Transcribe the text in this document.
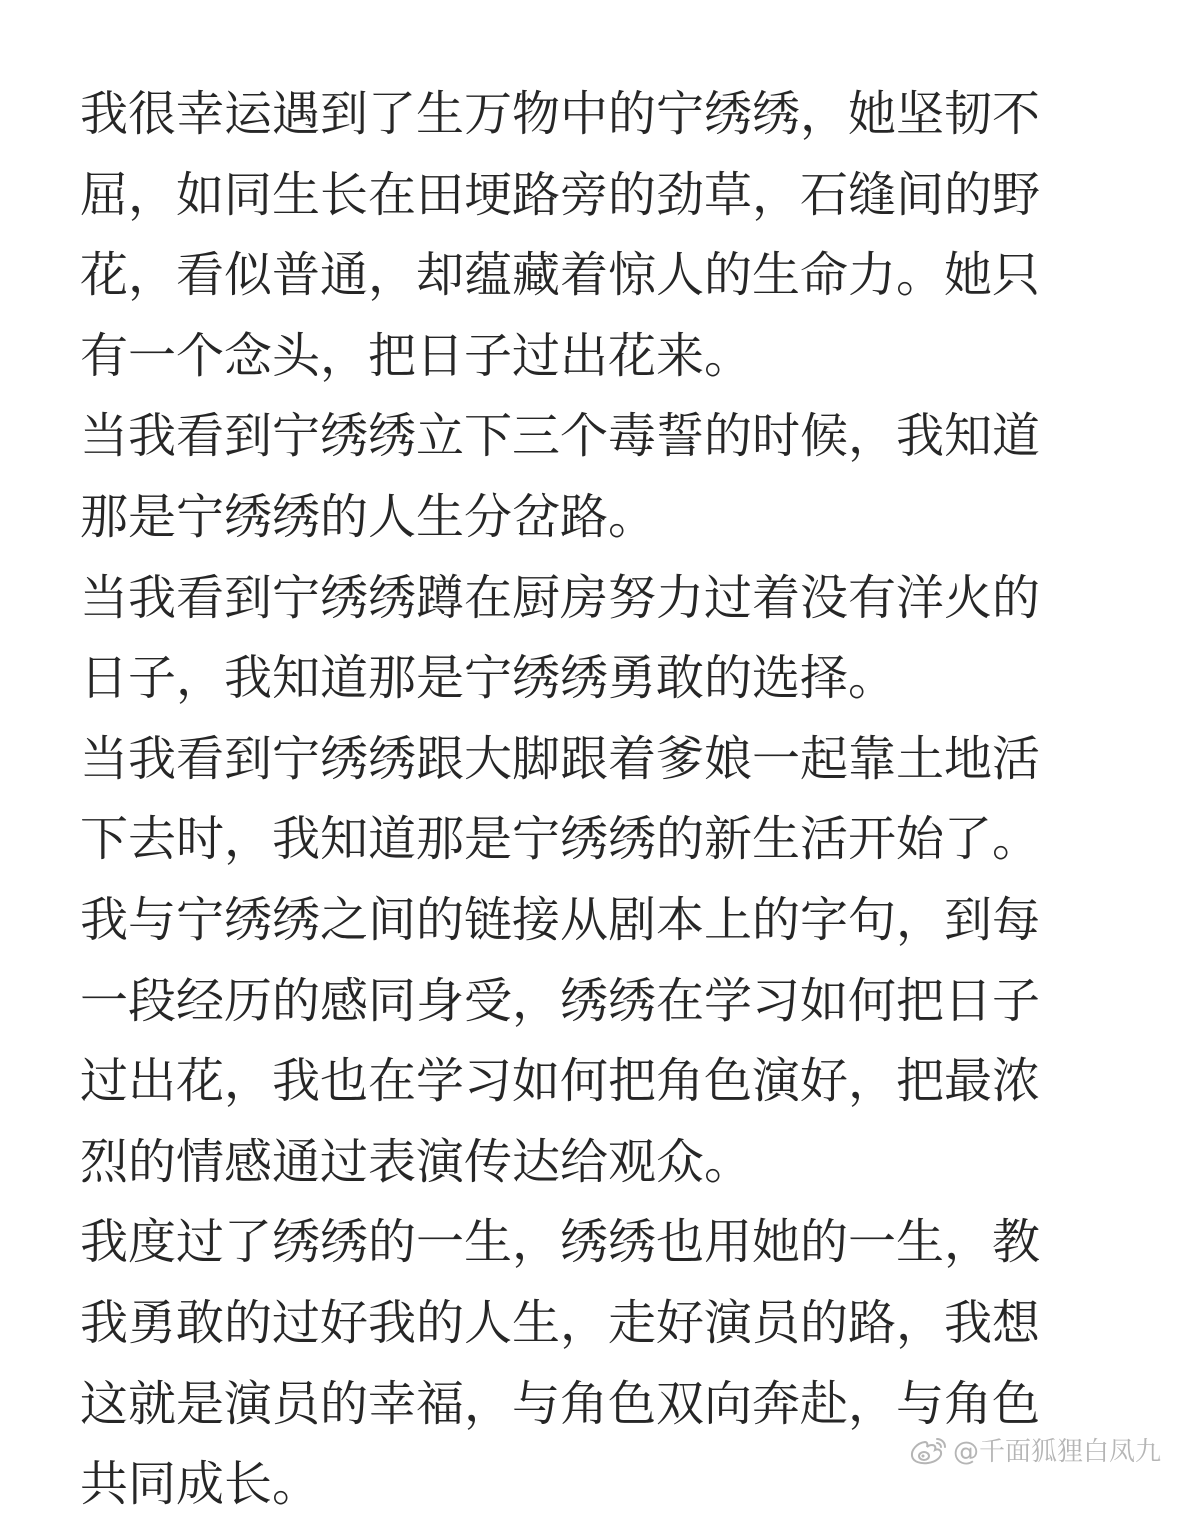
我很幸运遇到了生万物中的宁绣绣，她坚韧不
屈，如同生长在田埂路旁的劲草，石缝间的野
花，看似普通，却蕴藏着惊人的生命力。她只
有一个念头，把日子过出花来。
当我看到宁绣绣立下三个毒誓的时候，我知道
那是宁绣绣的人生分岔路。
当我看到宁绣绣蹲在厨房努力过着没有洋火的
日子，我知道那是宁绣绣勇敢的选择。
当我看到宁绣绣跟大脚跟着爹娘一起靠土地活
下去时，我知道那是宁绣绣的新生活开始了。
我与宁绣绣之间的链接从剧本上的字句，到每
一段经历的感同身受，绣绣在学习如何把日子
过出花，我也在学习如何把角色演好，把最浓
烈的情感通过表演传达给观众。
我度过了绣绣的一生，绣绣也用她的一生，教
我勇敢的过好我的人生，走好演员的路，我想
这就是演员的幸福，与角色双向奔赴，与角色
共同成长。
@千面狐狸白凤九
